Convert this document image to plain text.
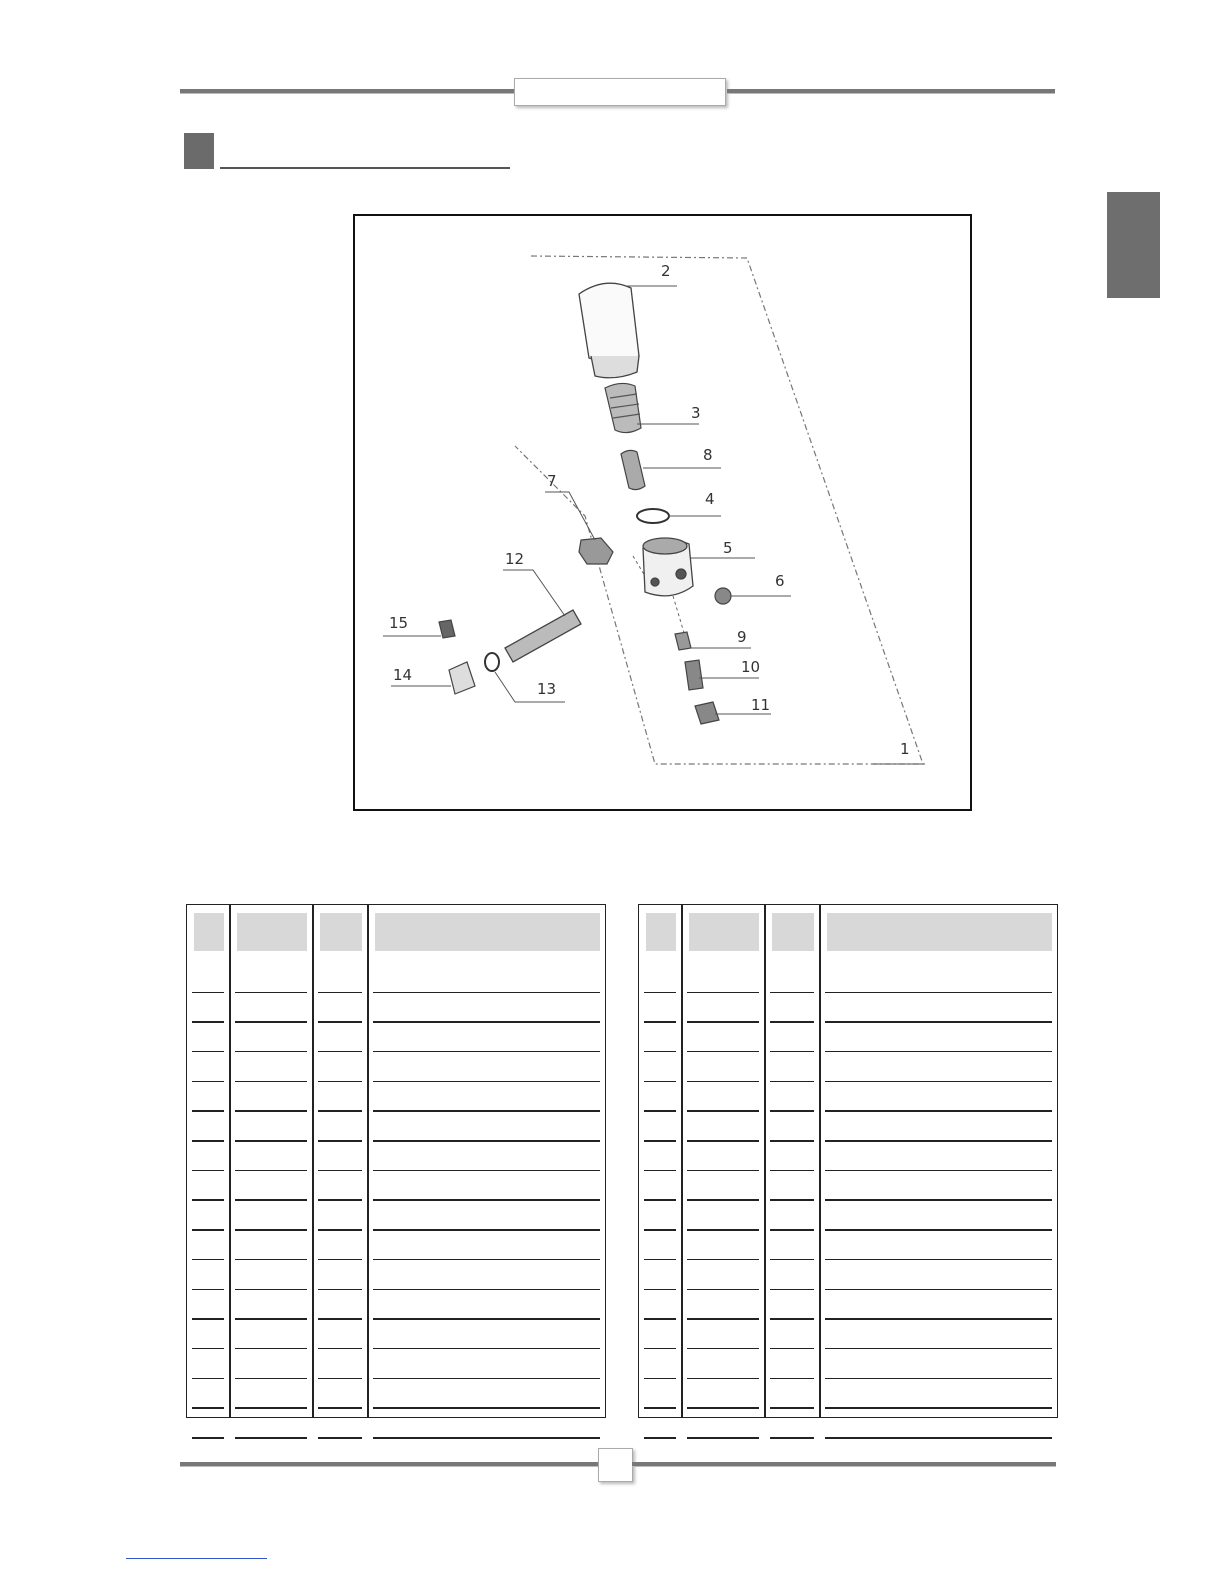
1
2
3
4
5
6
7
8
9
10
11
12
13
14
15
